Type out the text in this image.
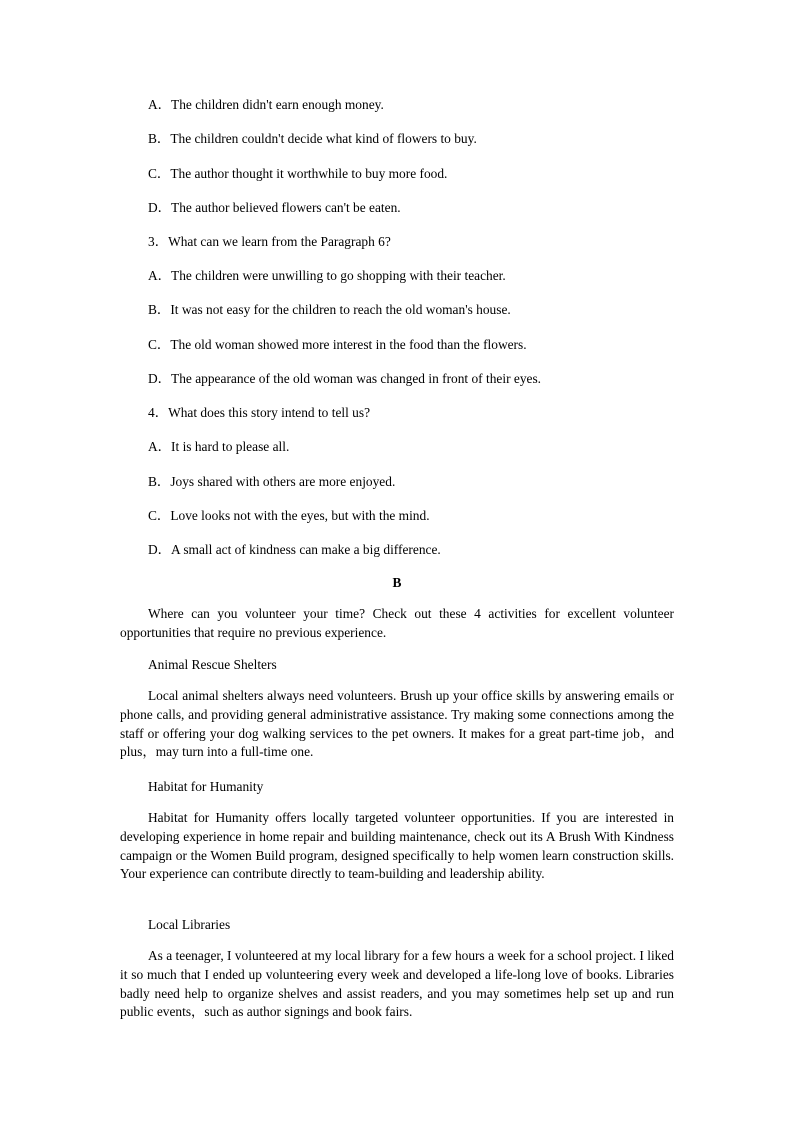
A．The children didn't earn enough money.

B．The children couldn't decide what kind of flowers to buy.

C．The author thought it worthwhile to buy more food.

D．The author believed flowers can't be eaten.

3．What can we learn from the Paragraph 6?

A．The children were unwilling to go shopping with their teacher.

B．It was not easy for the children to reach the old woman's house.

C．The old woman showed more interest in the food than the flowers.

D．The appearance of the old woman was changed in front of their eyes.

4．What does this story intend to tell us?

A．It is hard to please all.

B．Joys shared with others are more enjoyed.

C．Love looks not with the eyes, but with the mind.

D．A small act of kindness can make a big difference.

B

Where can you volunteer your time? Check out these 4 activities for excellent volunteer opportunities that require no previous experience.

Animal Rescue Shelters

Local animal shelters always need volunteers. Brush up your office skills by answering emails or phone calls, and providing general administrative assistance. Try making some connections among the staff or offering your dog walking services to the pet owners. It makes for a great part-time job，and plus，may turn into a full-time one.

Habitat for Humanity

Habitat for Humanity offers locally targeted volunteer opportunities. If you are interested in developing experience in home repair and building maintenance, check out its A Brush With Kindness campaign or the Women Build program, designed specifically to help women learn construction skills. Your experience can contribute directly to team-building and leadership ability.

Local Libraries

As a teenager, I volunteered at my local library for a few hours a week for a school project. I liked it so much that I ended up volunteering every week and developed a life-long love of books. Libraries badly need help to organize shelves and assist readers, and you may sometimes help set up and run public events，such as author signings and book fairs.
